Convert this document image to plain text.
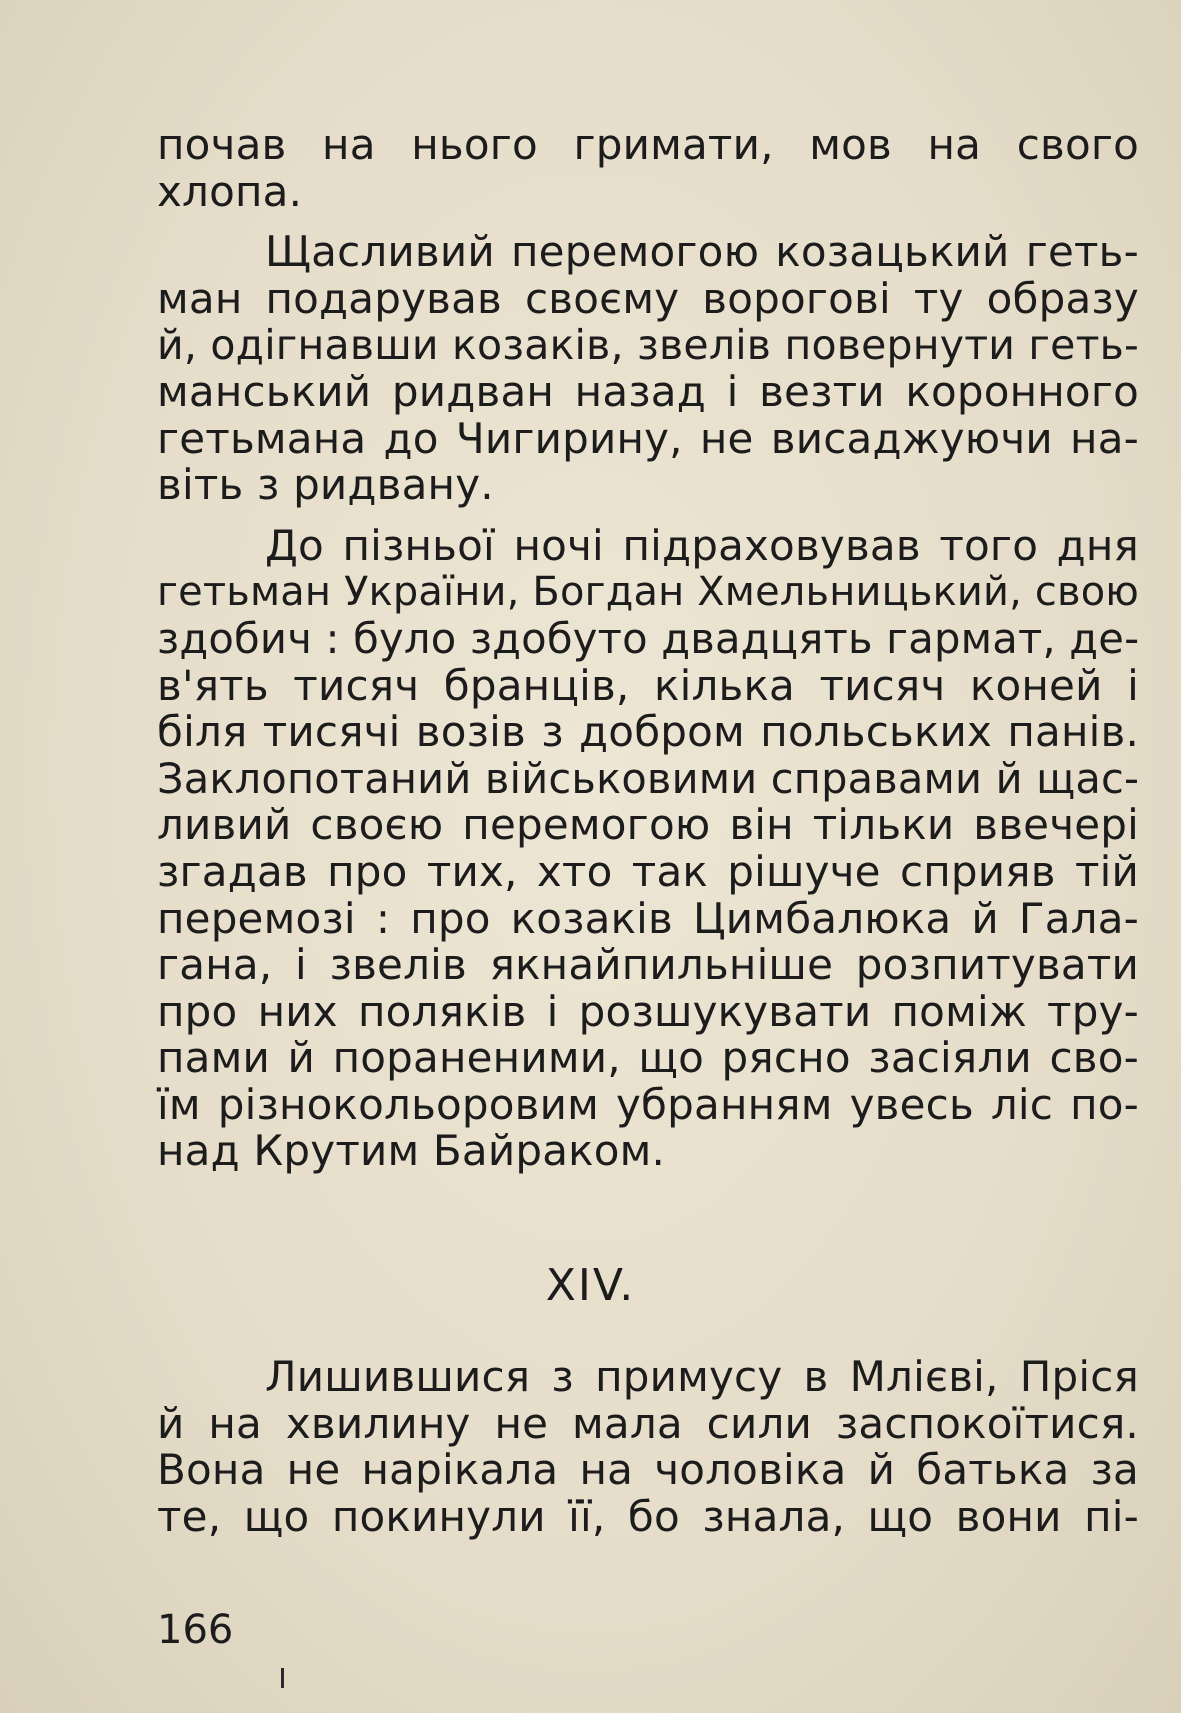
почав на нього гримати, мов на свого
хлопа.
Щасливий перемогою козацький геть-
ман подарував своєму ворогові ту образу
й, одігнавши козаків, звелів повернути геть-
манський ридван назад і везти коронного
гетьмана до Чигирину, не висаджуючи на-
віть з ридвану.
До пізньої ночі підраховував того дня
гетьман України, Богдан Хмельницький, свою
здобич : було здобуто двадцять гармат, де-
в'ять тисяч бранців, кілька тисяч коней і
біля тисячі возів з добром польських панів.
Заклопотаний військовими справами й щас-
ливий своєю перемогою він тільки ввечері
згадав про тих, хто так рішуче сприяв тій
перемозі : про козаків Цимбалюка й Гала-
гана, і звелів якнайпильніше розпитувати
про них поляків і розшукувати поміж тру-
пами й пораненими, що рясно засіяли сво-
їм різнокольоровим убранням увесь ліс по-
над Крутим Байраком.
XIV.
Лишившися з примусу в Млієві, Пріся
й на хвилину не мала сили заспокоїтися.
Вона не нарікала на чоловіка й батька за
те, що покинули її, бо знала, що вони пі-
166
